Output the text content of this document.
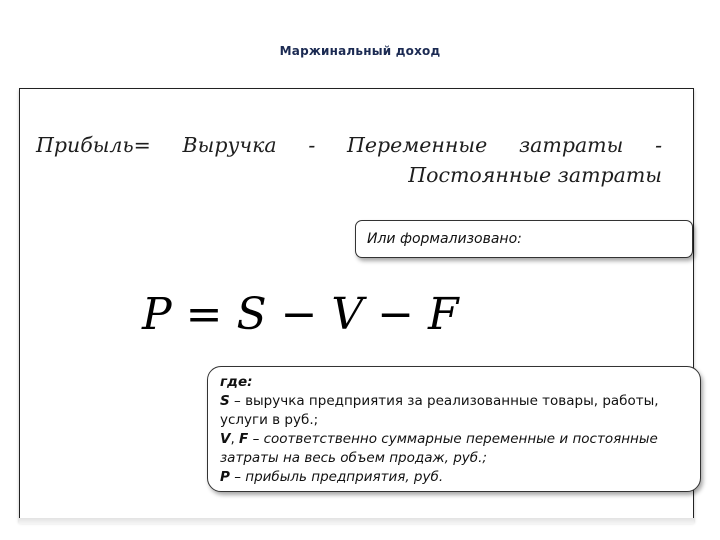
Маржинальный доход
Прибыль= Выручка - Переменные затраты - Постоянные затраты
Или формализовано:
P = S − V − F
где:
S – выручка предприятия за реализованные товары, работы, услуги в руб.;
V, F – соответственно суммарные переменные и постоянные затраты на весь объем продаж, руб.;
P – прибыль предприятия, руб.
